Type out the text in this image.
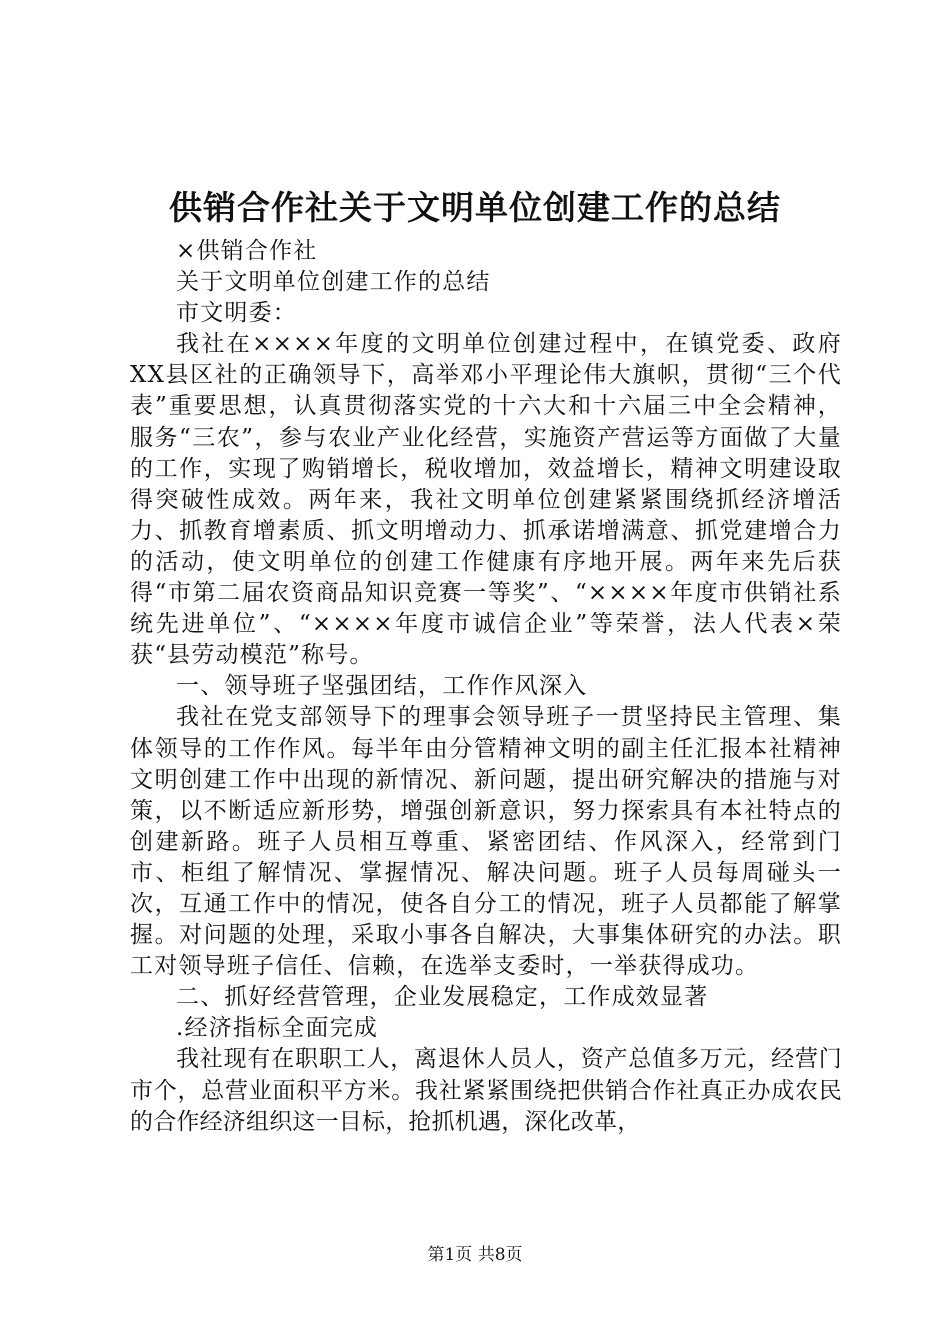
供销合作社关于文明单位创建工作的总结

×供销合作社

关于文明单位创建工作的总结

市文明委：

我社在××××年度的文明单位创建过程中，在镇党委、政府XX县区社的正确领导下，高举邓小平理论伟大旗帜，贯彻“三个代表”重要思想，认真贯彻落实党的十六大和十六届三中全会精神，服务“三农”，参与农业产业化经营，实施资产营运等方面做了大量的工作，实现了购销增长，税收增加，效益增长，精神文明建设取得突破性成效。两年来，我社文明单位创建紧紧围绕抓经济增活力、抓教育增素质、抓文明增动力、抓承诺增满意、抓党建增合力的活动，使文明单位的创建工作健康有序地开展。两年来先后获得“市第二届农资商品知识竞赛一等奖”、“××××年度市供销社系统先进单位”、“××××年度市诚信企业”等荣誉，法人代表×荣获“县劳动模范”称号。

一、领导班子坚强团结，工作作风深入

我社在党支部领导下的理事会领导班子一贯坚持民主管理、集体领导的工作作风。每半年由分管精神文明的副主任汇报本社精神文明创建工作中出现的新情况、新问题，提出研究解决的措施与对策，以不断适应新形势，增强创新意识，努力探索具有本社特点的创建新路。班子人员相互尊重、紧密团结、作风深入，经常到门市、柜组了解情况、掌握情况、解决问题。班子人员每周碰头一次，互通工作中的情况，使各自分工的情况，班子人员都能了解掌握。对问题的处理，采取小事各自解决，大事集体研究的办法。职工对领导班子信任、信赖，在选举支委时，一举获得成功。

二、抓好经营管理，企业发展稳定，工作成效显著

.经济指标全面完成

我社现有在职职工人，离退休人员人，资产总值多万元，经营门市个，总营业面积平方米。我社紧紧围绕把供销合作社真正办成农民的合作经济组织这一目标，抢抓机遇，深化改革，

第1页 共8页
